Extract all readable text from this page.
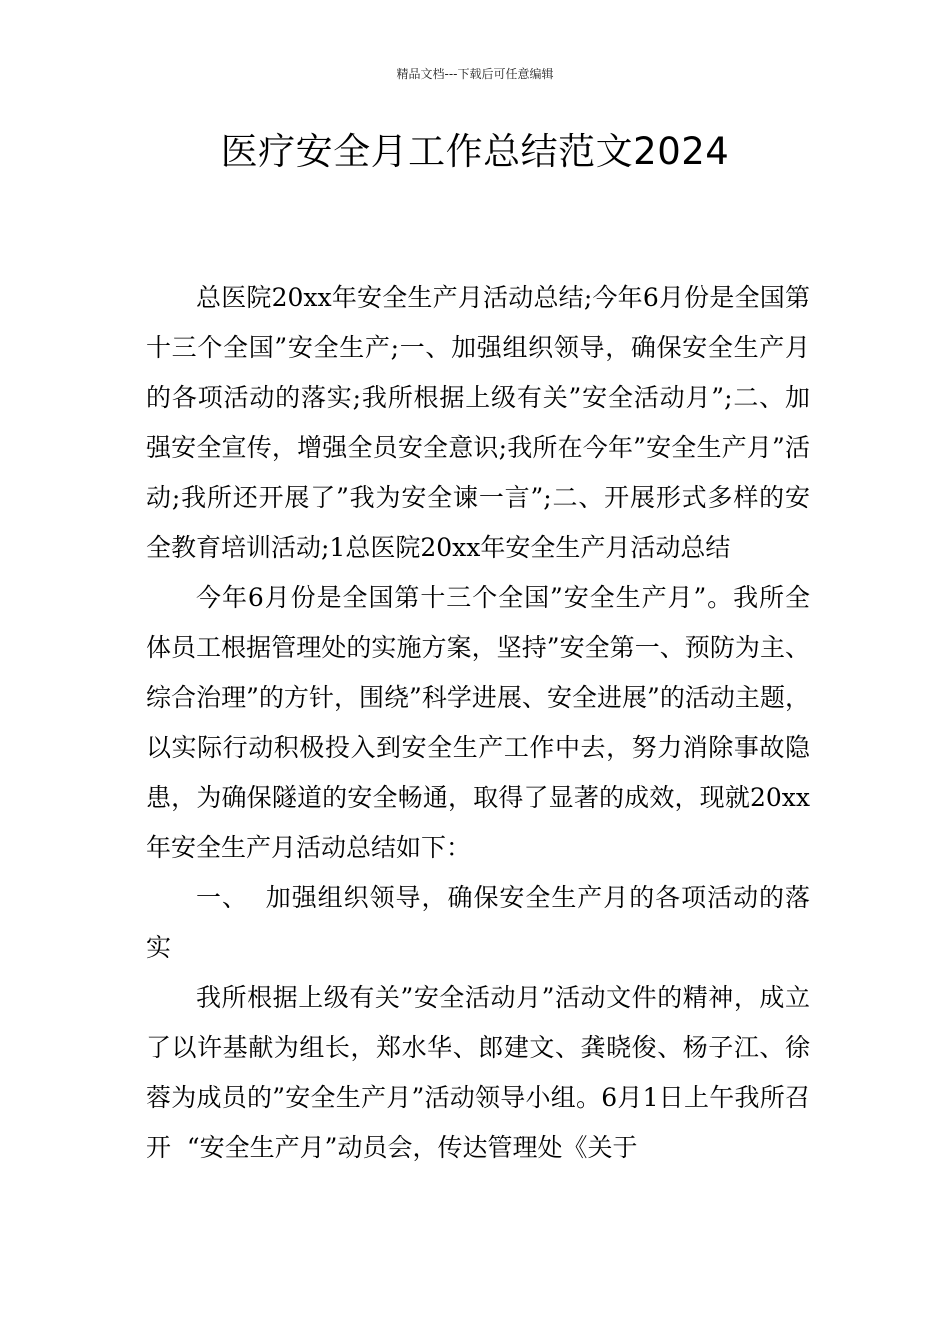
精品文档---下载后可任意编辑
医疗安全月工作总结范文2024

总医院20xx年安全生产月活动总结;今年6月份是全国第十三个全国”安全生产;一、加强组织领导，确保安全生产月的各项活动的落实;我所根据上级有关”安全活动月”;二、加强安全宣传，增强全员安全意识;我所在今年”安全生产月”活动;我所还开展了”我为安全谏一言”;二、开展形式多样的安全教育培训活动;1总医院20xx年安全生产月活动总结

今年6月份是全国第十三个全国”安全生产月”。我所全体员工根据管理处的实施方案，坚持”安全第一、预防为主、综合治理”的方针，围绕”科学进展、安全进展”的活动主题，以实际行动积极投入到安全生产工作中去，努力消除事故隐患，为确保隧道的安全畅通，取得了显著的成效，现就20xx年安全生产月活动总结如下：

一、  加强组织领导，确保安全生产月的各项活动的落实

我所根据上级有关”安全活动月”活动文件的精神，成立了以许基献为组长，郑水华、郎建文、龚晓俊、杨子江、徐蓉为成员的”安全生产月”活动领导小组。6月1日上午我所召开  “安全生产月”动员会，传达管理处《关于
